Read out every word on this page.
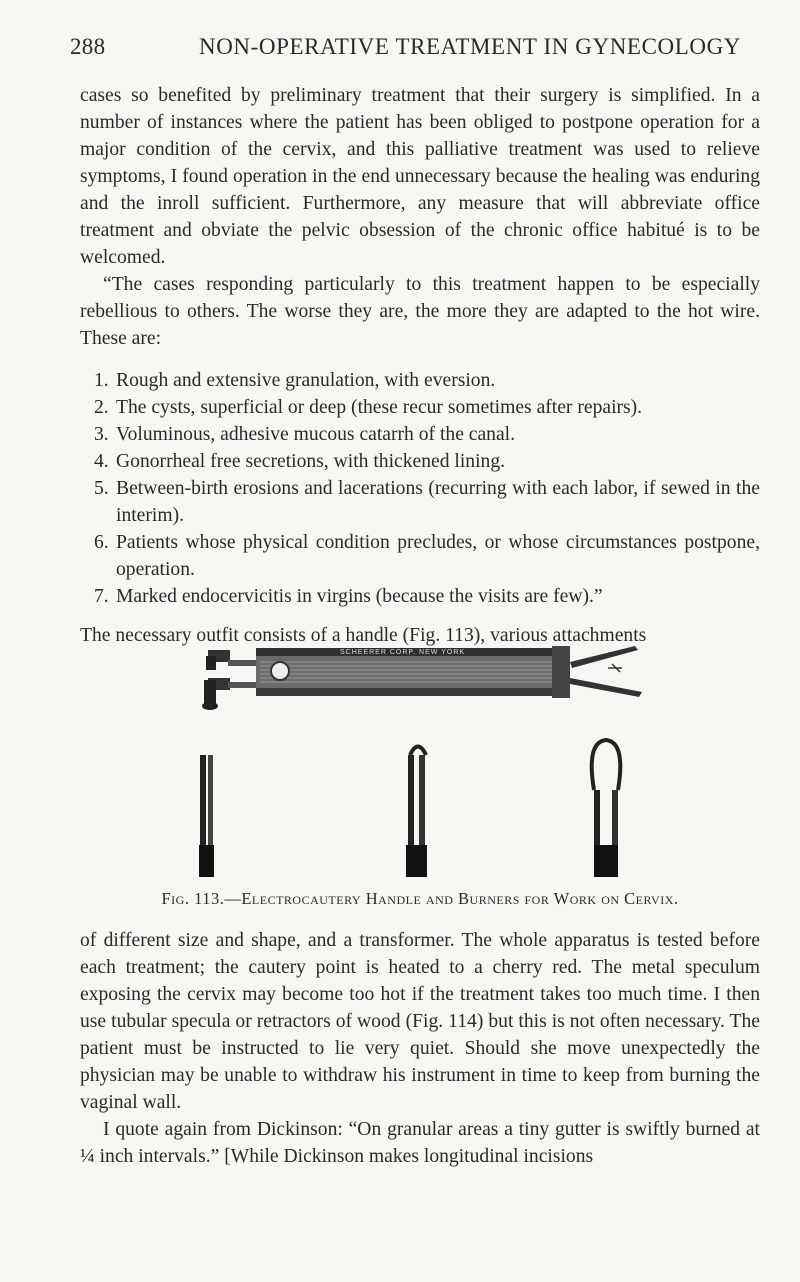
288	NON-OPERATIVE TREATMENT IN GYNECOLOGY

cases so benefited by preliminary treatment that their surgery is simplified. In a number of instances where the patient has been obliged to postpone operation for a major condition of the cervix, and this palliative treatment was used to relieve symptoms, I found operation in the end unnecessary because the healing was enduring and the inroll sufficient. Furthermore, any measure that will abbreviate office treatment and obviate the pelvic obsession of the chronic office habitué is to be welcomed.

“The cases responding particularly to this treatment happen to be especially rebellious to others. The worse they are, the more they are adapted to the hot wire. These are:

1. Rough and extensive granulation, with eversion.
2. The cysts, superficial or deep (these recur sometimes after repairs).
3. Voluminous, adhesive mucous catarrh of the canal.
4. Gonorrheal free secretions, with thickened lining.
5. Between-birth erosions and lacerations (recurring with each labor, if sewed in the interim).
6. Patients whose physical condition precludes, or whose circumstances postpone, operation.
7. Marked endocervicitis in virgins (because the visits are few).”

The necessary outfit consists of a handle (Fig. 113), various attachments

SCHEERER CORP. NEW YORK
Fig. 113.—Electrocautery Handle and Burners for Work on Cervix.

of different size and shape, and a transformer. The whole apparatus is tested before each treatment; the cautery point is heated to a cherry red. The metal speculum exposing the cervix may become too hot if the treatment takes too much time. I then use tubular specula or retractors of wood (Fig. 114) but this is not often necessary. The patient must be instructed to lie very quiet. Should she move unexpectedly the physician may be unable to withdraw his instrument in time to keep from burning the vaginal wall.

I quote again from Dickinson: “On granular areas a tiny gutter is swiftly burned at ¼ inch intervals.” [While Dickinson makes longitudinal incisions
